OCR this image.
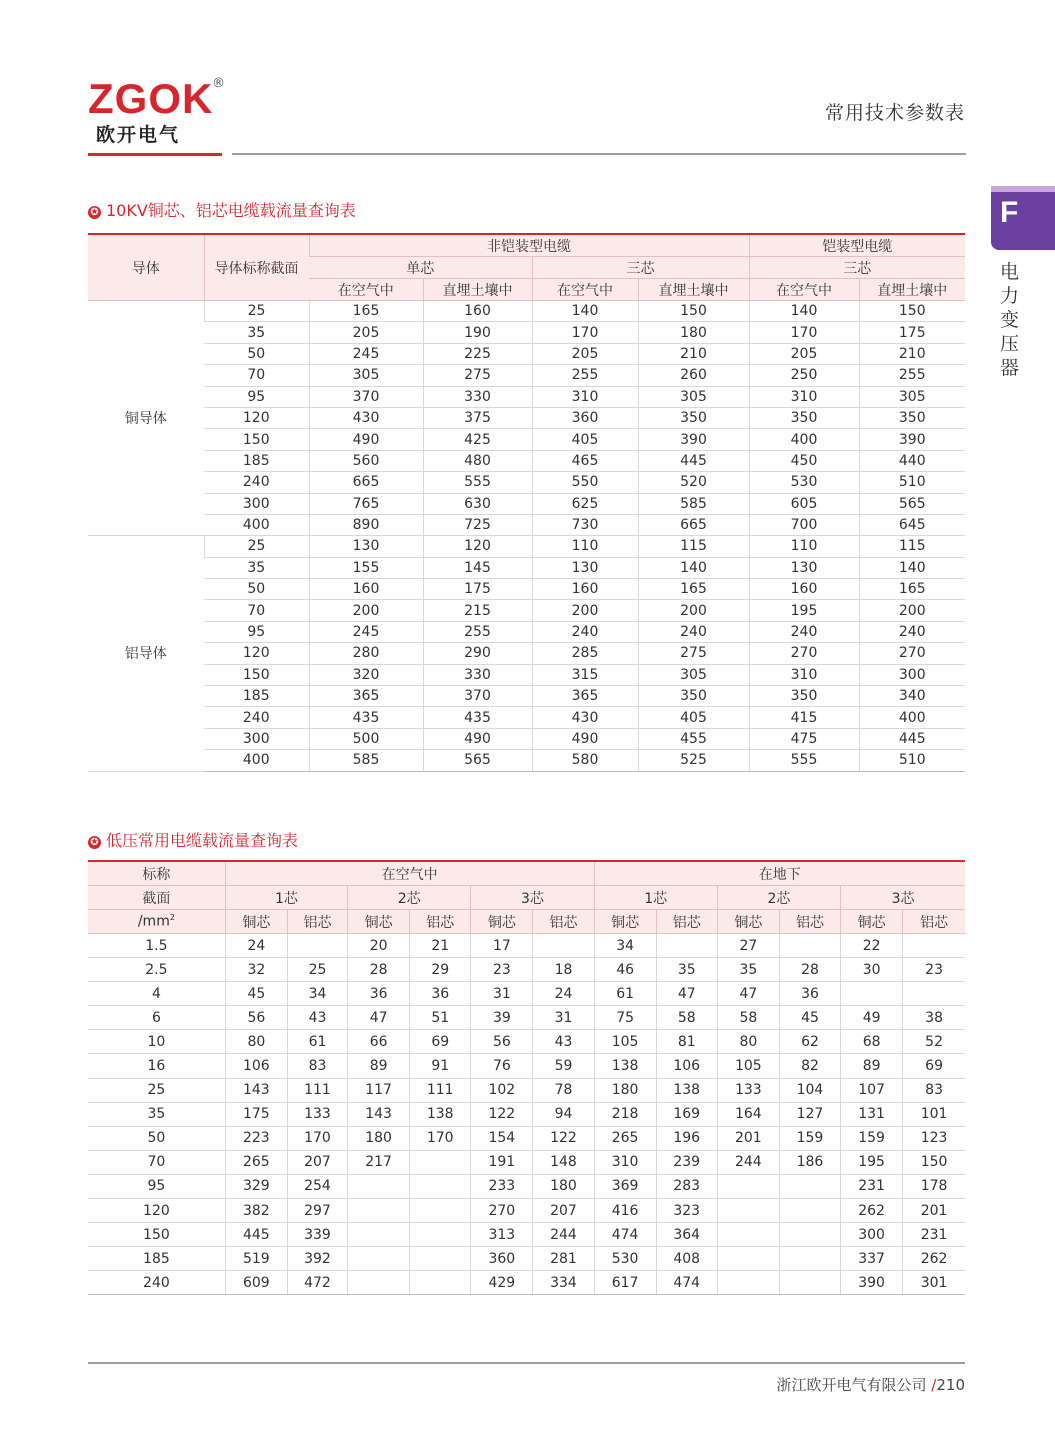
ZGOK
®
欧开电气
常用技术参数表
F
电力变压器
✪ 10KV铜芯、铝芯电缆载流量查询表
导体	导体标称截面	非铠装型电缆				铠装型电缆	
		单芯		三芯		三芯	
		在空气中	直埋土壤中	在空气中	直埋土壤中	在空气中	直埋土壤中
铜导体	25	165	160	140	150	140	150
	35	205	190	170	180	170	175
	50	245	225	205	210	205	210
	70	305	275	255	260	250	255
	95	370	330	310	305	310	305
	120	430	375	360	350	350	350
	150	490	425	405	390	400	390
	185	560	480	465	445	450	440
	240	665	555	550	520	530	510
	300	765	630	625	585	605	565
	400	890	725	730	665	700	645
铝导体	25	130	120	110	115	110	115
	35	155	145	130	140	130	140
	50	160	175	160	165	160	165
	70	200	215	200	200	195	200
	95	245	255	240	240	240	240
	120	280	290	285	275	270	270
	150	320	330	315	305	310	300
	185	365	370	365	350	350	340
	240	435	435	430	405	415	400
	300	500	490	490	455	475	445
	400	585	565	580	525	555	510
✪ 低压常用电缆载流量查询表
标称	在空气中						在地下					
截面	1芯		2芯		3芯		1芯		2芯		3芯	
$/mm^2$	铜芯	铝芯	铜芯	铝芯	铜芯	铝芯	铜芯	铝芯	铜芯	铝芯	铜芯	铝芯
1.5	24		20	21	17		34		27		22	
2.5	32	25	28	29	23	18	46	35	35	28	30	23
4	45	34	36	36	31	24	61	47	47	36		
6	56	43	47	51	39	31	75	58	58	45	49	38
10	80	61	66	69	56	43	105	81	80	62	68	52
16	106	83	89	91	76	59	138	106	105	82	89	69
25	143	111	117	111	102	78	180	138	133	104	107	83
35	175	133	143	138	122	94	218	169	164	127	131	101
50	223	170	180	170	154	122	265	196	201	159	159	123
70	265	207	217		191	148	310	239	244	186	195	150
95	329	254			233	180	369	283			231	178
120	382	297			270	207	416	323			262	201
150	445	339			313	244	474	364			300	231
185	519	392			360	281	530	408			337	262
240	609	472			429	334	617	474			390	301
浙江欧开电气有限公司 /210
